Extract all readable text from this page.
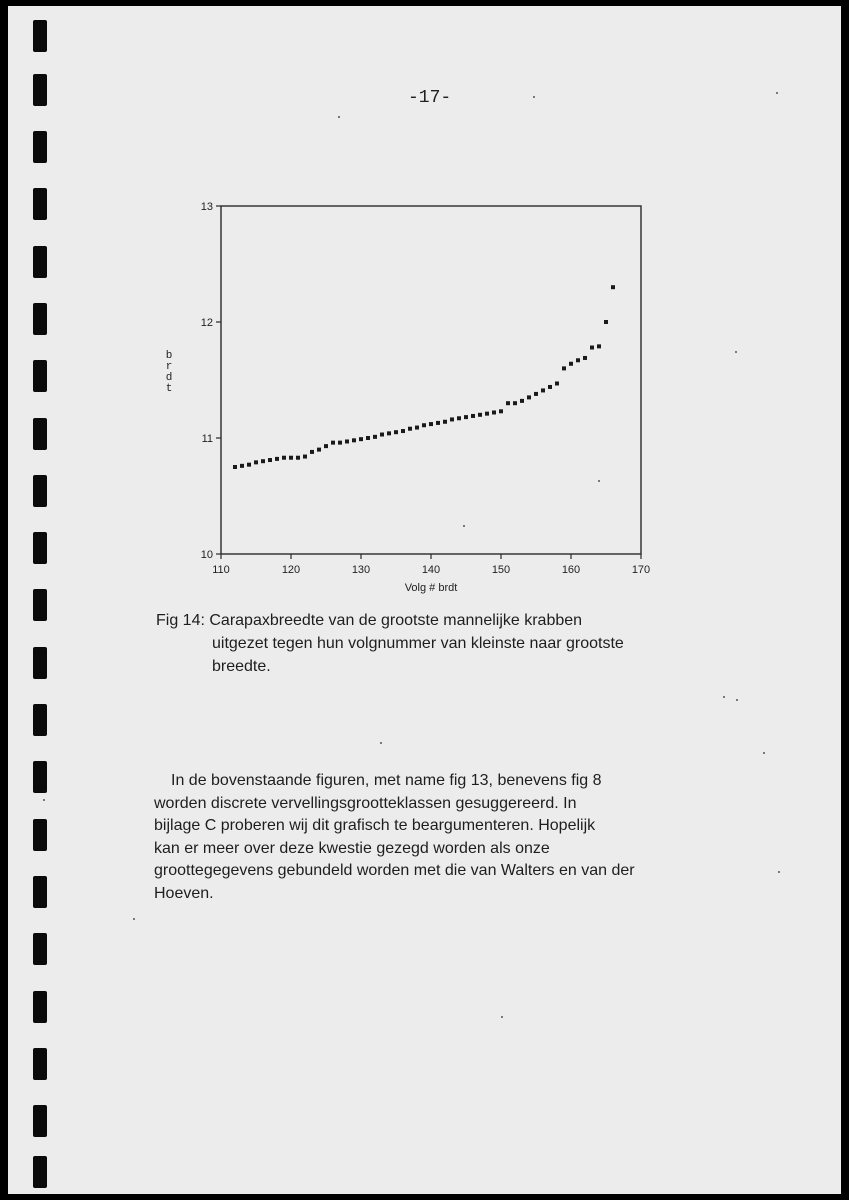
-17-
110	120	130	140	150	160	170
10
11
12
13
Volg # brdt
b r d t
Fig 14: Carapaxbreedte van de grootste mannelijke krabben
uitgezet tegen hun volgnummer van kleinste naar grootste
breedte.
In de bovenstaande figuren, met name fig 13, benevens fig 8
worden discrete vervellingsgrootteklassen gesuggereerd. In
bijlage C proberen wij dit grafisch te beargumenteren. Hopelijk
kan er meer over deze kwestie gezegd worden als onze
groottegegevens gebundeld worden met die van Walters en van der
Hoeven.
